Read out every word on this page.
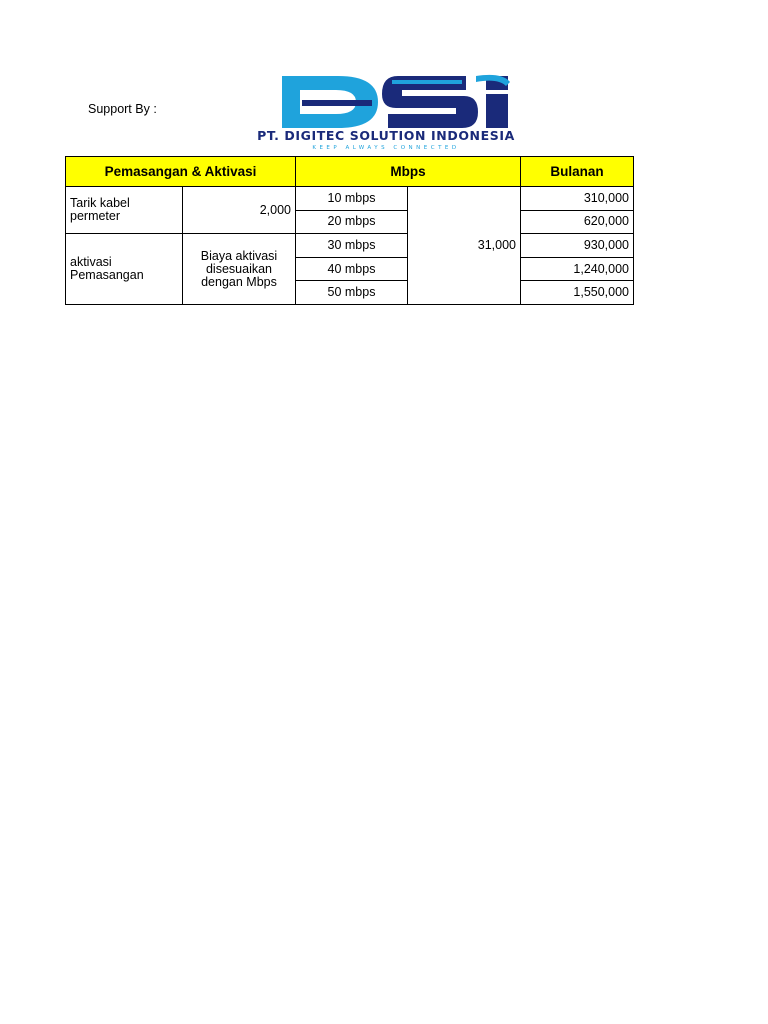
Support By :
PT. DIGITEC SOLUTION INDONESIA
KEEP ALWAYS CONNECTED
Pemasangan & Aktivasi		Mbps		Bulanan
Tarik kabel permeter	2,000	10 mbps	31,000	310,000
		20 mbps		620,000
aktivasi Pemasangan	Biaya aktivasi disesuaikan dengan Mbps	30 mbps		930,000
		40 mbps		1,240,000
		50 mbps		1,550,000
